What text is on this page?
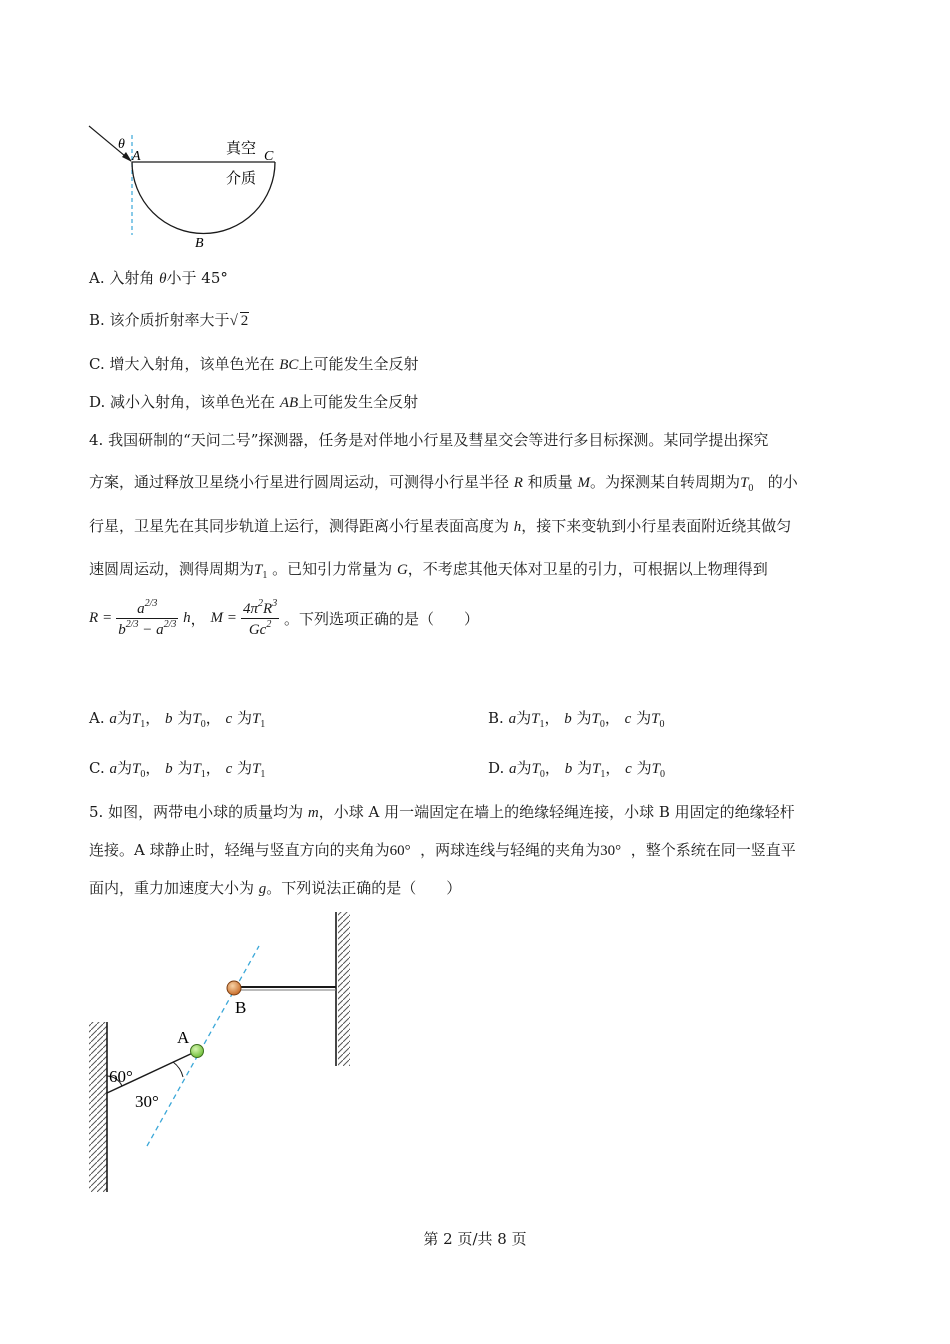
θ
A	C
B
真空
介质
A. 入射角 θ小于 45°
B. 该介质折射率大于√ 2
C. 增大入射角，该单色光在 BC上可能发生全反射
D. 减小入射角，该单色光在 AB上可能发生全反射
4. 我国研制的“天问二号”探测器，任务是对伴地小行星及彗星交会等进行多目标探测。某同学提出探究
方案，通过释放卫星绕小行星进行圆周运动，可测得小行星半径 R 和质量 M。为探测某自转周期为$T_0$ 的小
行星，卫星先在其同步轨道上运行，测得距离小行星表面高度为 h，接下来变轨到小行星表面附近绕其做匀
速圆周运动，测得周期为$T_1$ 。已知引力常量为 G，不考虑其他天体对卫星的引力，可根据以上物理得到
$R = \frac{a^{2/3}}{b^{2/3} - a^{2/3}}$ h， $M = \frac{4\pi^2R^3}{Gc^2}$ 。下列选项正确的是（　　）
A. a为$T_1$， b 为$T_0$， c 为$T_1$	B. a为$T_1$， b 为$T_0$， c 为$T_0$
C. a为$T_0$， b 为$T_1$， c 为$T_1$	D. a为$T_0$， b 为$T_1$， c 为$T_0$
5. 如图，两带电小球的质量均为 m，小球 A 用一端固定在墙上的绝缘轻绳连接，小球 B 用固定的绝缘轻杆
连接。A 球静止时，轻绳与竖直方向的夹角为60° ，两球连线与轻绳的夹角为30° ，整个系统在同一竖直平
面内，重力加速度大小为 g。下列说法正确的是（　　）
A
B
60°
30°
第 2 页/共 8 页
